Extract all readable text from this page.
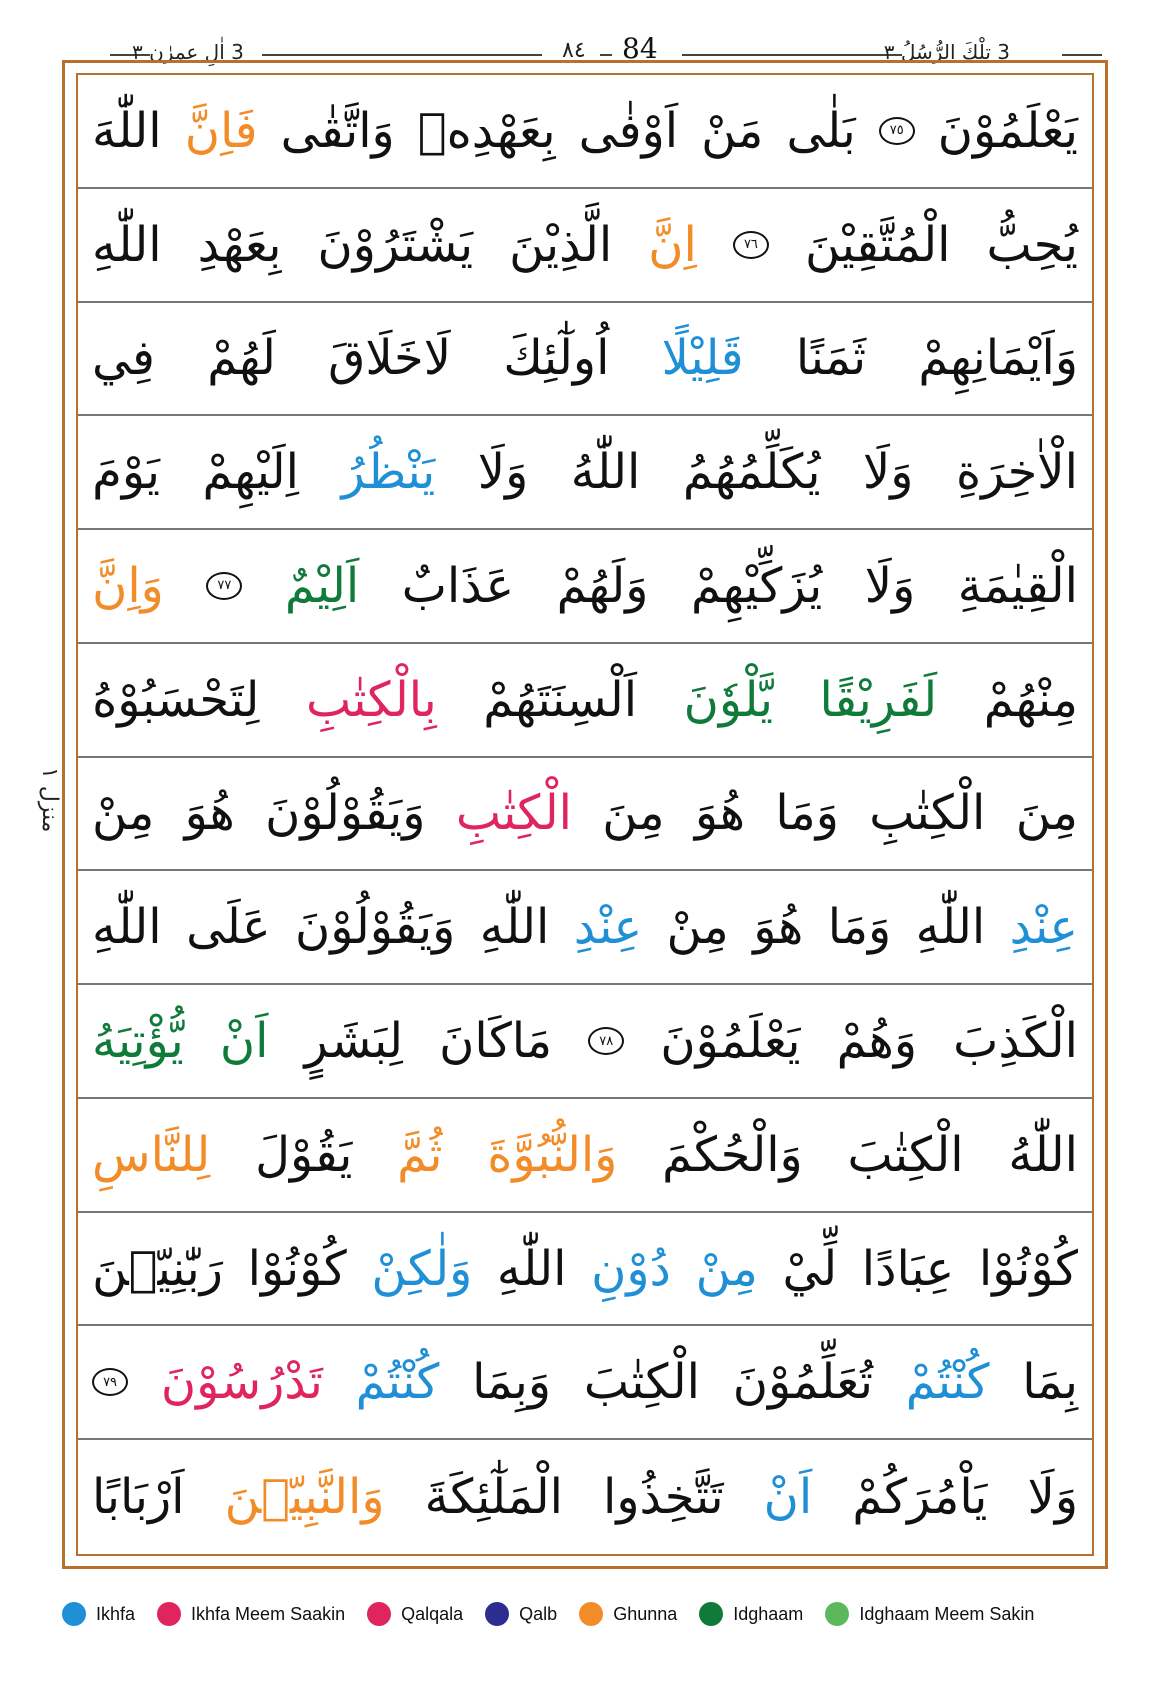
3 اٰلِ عمرٰن ٣	٨٤ 84	3 تِلْكَ الرُّسُلُ ٣
منزل ١
يَعْلَمُوْنَ
٧٥
بَلٰى
مَنْ
اَوْفٰى
بِعَهْدِهٖ
وَاتَّقٰى
فَاِنَّ
اللّٰهَ
يُحِبُّ
الْمُتَّقِيْنَ
٧٦
اِنَّ
الَّذِيْنَ
يَشْتَرُوْنَ
بِعَهْدِ
اللّٰهِ
وَاَيْمَانِهِمْ
ثَمَنًا
قَلِيْلًا
اُولٰٓئِكَ
لَاخَلَاقَ
لَهُمْ
فِي
الْاٰخِرَةِ
وَلَا
يُكَلِّمُهُمُ
اللّٰهُ
وَلَا
يَنْظُرُ
اِلَيْهِمْ
يَوْمَ
الْقِيٰمَةِ
وَلَا
يُزَكِّيْهِمْ
وَلَهُمْ
عَذَابٌ
اَلِيْمٌ
٧٧
وَاِنَّ
مِنْهُمْ
لَفَرِيْقًا
يَّلْوٗنَ
اَلْسِنَتَهُمْ
بِالْكِتٰبِ
لِتَحْسَبُوْهُ
مِنَ
الْكِتٰبِ
وَمَا
هُوَ
مِنَ
الْكِتٰبِ
وَيَقُوْلُوْنَ
هُوَ
مِنْ
عِنْدِ
اللّٰهِ
وَمَا
هُوَ
مِنْ
عِنْدِ
اللّٰهِ
وَيَقُوْلُوْنَ
عَلَى
اللّٰهِ
الْكَذِبَ
وَهُمْ
يَعْلَمُوْنَ
٧٨
مَاكَانَ
لِبَشَرٍ
اَنْ
يُّؤْتِيَهُ
اللّٰهُ
الْكِتٰبَ
وَالْحُكْمَ
وَالنُّبُوَّةَ
ثُمَّ
يَقُوْلَ
لِلنَّاسِ
كُوْنُوْا
عِبَادًا
لِّيْ
مِنْ
دُوْنِ
اللّٰهِ
وَلٰكِنْ
كُوْنُوْا
رَبّٰنِيّٖنَ
بِمَا
كُنْتُمْ
تُعَلِّمُوْنَ
الْكِتٰبَ
وَبِمَا
كُنْتُمْ
تَدْرُسُوْنَ
٧٩
وَلَا
يَاْمُرَكُمْ
اَنْ
تَتَّخِذُوا
الْمَلٰٓئِكَةَ
وَالنَّبِيّٖنَ
اَرْبَابًا
Ikhfa	Ikhfa Meem Saakin	Qalqala	Qalb	Ghunna	Idghaam	Idghaam Meem Sakin
